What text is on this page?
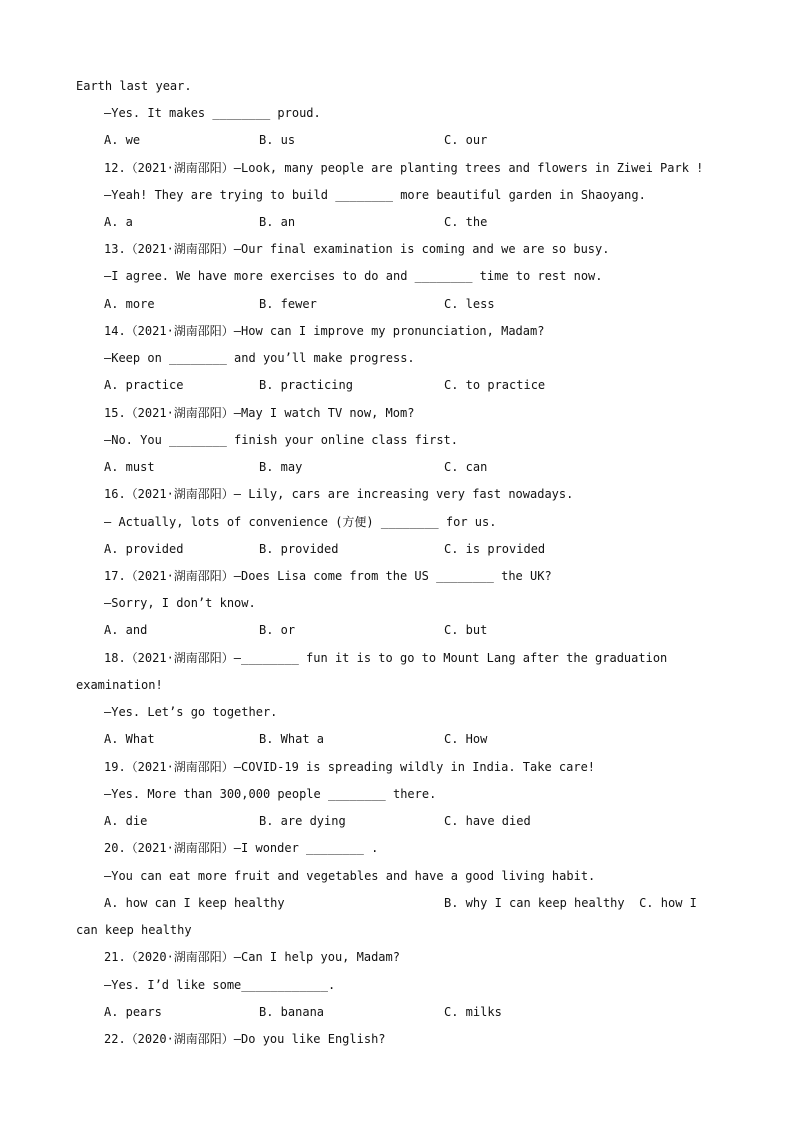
Earth last year.
—Yes. It makes ________ proud.
A. we	B. us	C. our
12.（2021·湖南邵阳）—Look, many people are planting trees and flowers in Ziwei Park !
—Yeah! They are trying to build ________ more beautiful garden in Shaoyang.
A. a	B. an	C. the
13.（2021·湖南邵阳）—Our final examination is coming and we are so busy.
—I agree. We have more exercises to do and ________ time to rest now.
A. more	B. fewer	C. less
14.（2021·湖南邵阳）—How can I improve my pronunciation, Madam?
—Keep on ________ and you’ll make progress.
A. practice	B. practicing	C. to practice
15.（2021·湖南邵阳）—May I watch TV now, Mom?
—No. You ________ finish your online class first.
A. must	B. may	C. can
16.（2021·湖南邵阳）— Lily, cars are increasing very fast nowadays.
— Actually, lots of convenience (方便) ________ for us.
A. provided	B. provided	C. is provided
17.（2021·湖南邵阳）—Does Lisa come from the US ________ the UK?
—Sorry, I don’t know.
A. and	B. or	C. but
18.（2021·湖南邵阳）—________ fun it is to go to Mount Lang after the graduation
examination!
—Yes. Let’s go together.
A. What	B. What a	C. How
19.（2021·湖南邵阳）—COVID-19 is spreading wildly in India. Take care!
—Yes. More than 300,000 people ________ there.
A. die	B. are dying	C. have died
20.（2021·湖南邵阳）—I wonder ________ .
—You can eat more fruit and vegetables and have a good living habit.
A. how can I keep healthy	B. why I can keep healthy  C. how I
can keep healthy
21.（2020·湖南邵阳）—Can I help you, Madam?
—Yes. I’d like some____________.
A. pears	B. banana	C. milks
22.（2020·湖南邵阳）—Do you like English?
